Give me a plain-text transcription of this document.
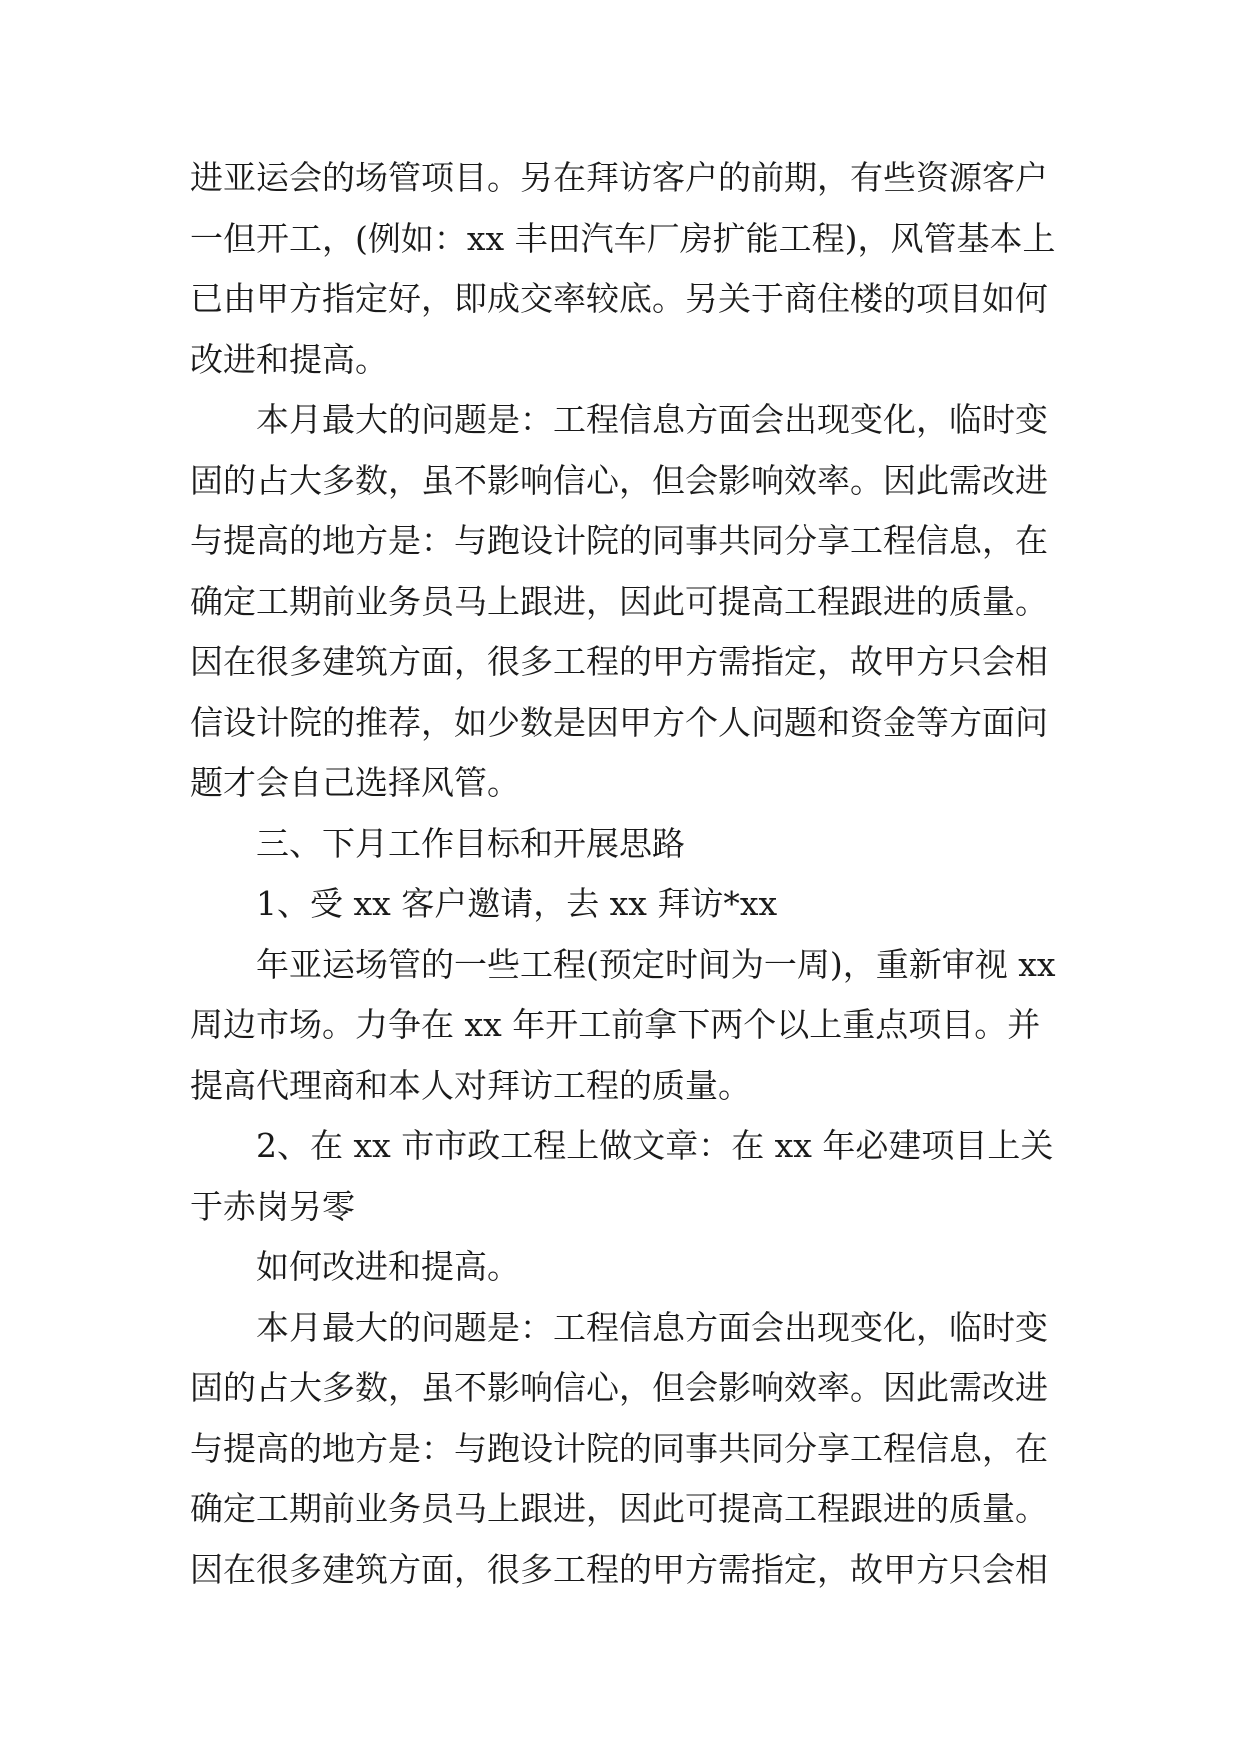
进亚运会的场管项目。另在拜访客户的前期，有些资源客户
一但开工，(例如：xx 丰田汽车厂房扩能工程)，风管基本上
已由甲方指定好，即成交率较底。另关于商住楼的项目如何
改进和提高。
本月最大的问题是：工程信息方面会出现变化，临时变
固的占大多数，虽不影响信心，但会影响效率。因此需改进
与提高的地方是：与跑设计院的同事共同分享工程信息，在
确定工期前业务员马上跟进，因此可提高工程跟进的质量。
因在很多建筑方面，很多工程的甲方需指定，故甲方只会相
信设计院的推荐，如少数是因甲方个人问题和资金等方面问
题才会自己选择风管。
三、下月工作目标和开展思路
1、受 xx 客户邀请，去 xx 拜访*xx
年亚运场管的一些工程(预定时间为一周)，重新审视 xx
周边市场。力争在 xx 年开工前拿下两个以上重点项目。并
提高代理商和本人对拜访工程的质量。
2、在 xx 市市政工程上做文章：在 xx 年必建项目上关
于赤岗另零
如何改进和提高。
本月最大的问题是：工程信息方面会出现变化，临时变
固的占大多数，虽不影响信心，但会影响效率。因此需改进
与提高的地方是：与跑设计院的同事共同分享工程信息，在
确定工期前业务员马上跟进，因此可提高工程跟进的质量。
因在很多建筑方面，很多工程的甲方需指定，故甲方只会相
